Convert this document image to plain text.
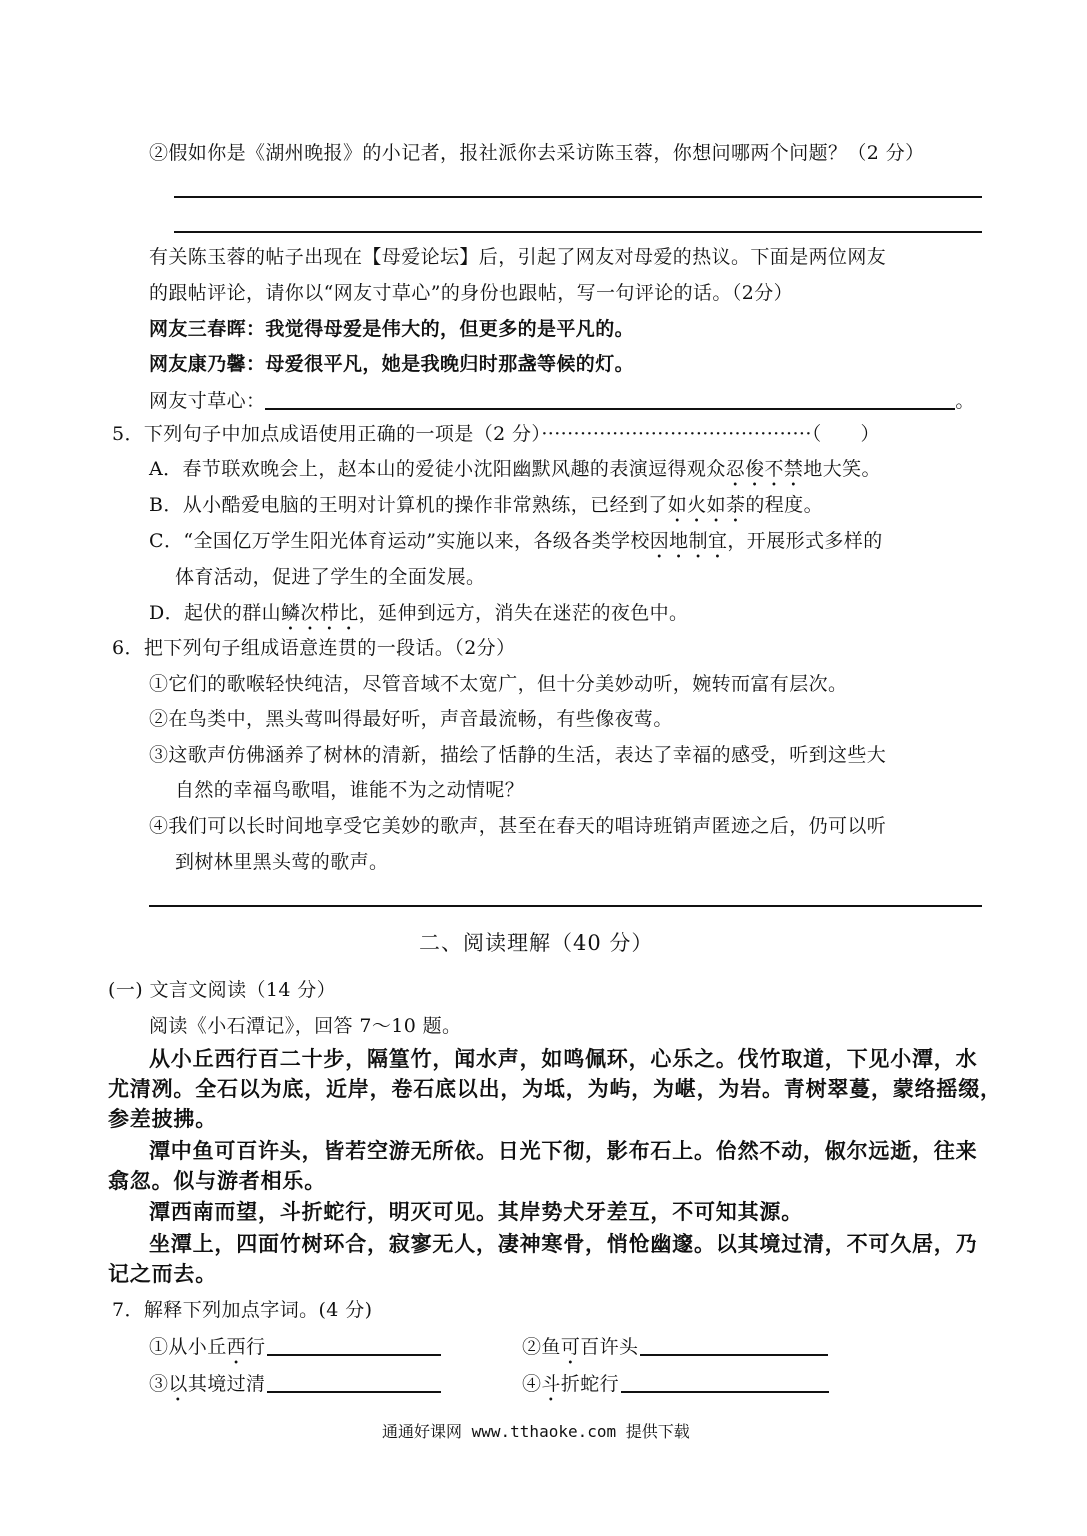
②假如你是《湖州晚报》的小记者，报社派你去采访陈玉蓉，你想问哪两个问题？（2 分）
有关陈玉蓉的帖子出现在【母爱论坛】后，引起了网友对母爱的热议。下面是两位网友
的跟帖评论，请你以“网友寸草心”的身份也跟帖，写一句评论的话。（2分）
网友三春晖：我觉得母爱是伟大的，但更多的是平凡的。
网友康乃馨：母爱很平凡，她是我晚归时那盏等候的灯。
网友寸草心：	。
5．下列句子中加点成语使用正确的一项是（2 分）··········································（　　）
A．春节联欢晚会上，赵本山的爱徒小沈阳幽默风趣的表演逗得观众忍俊不禁地大笑。
B．从小酷爱电脑的王明对计算机的操作非常熟练，已经到了如火如荼的程度。
C．“全国亿万学生阳光体育运动”实施以来，各级各类学校因地制宜，开展形式多样的
体育活动，促进了学生的全面发展。
D．起伏的群山鳞次栉比，延伸到远方，消失在迷茫的夜色中。
6．把下列句子组成语意连贯的一段话。（2分）
①它们的歌喉轻快纯洁，尽管音域不太宽广，但十分美妙动听，婉转而富有层次。
②在鸟类中，黑头莺叫得最好听，声音最流畅，有些像夜莺。
③这歌声仿佛涵养了树林的清新，描绘了恬静的生活，表达了幸福的感受，听到这些大
自然的幸福鸟歌唱，谁能不为之动情呢？
④我们可以长时间地享受它美妙的歌声，甚至在春天的唱诗班销声匿迹之后，仍可以听
到树林里黑头莺的歌声。
二、阅读理解（40 分）
(一) 文言文阅读（14 分）
阅读《小石潭记》，回答 7～10 题。
从小丘西行百二十步，隔篁竹，闻水声，如鸣佩环，心乐之。伐竹取道，下见小潭，水
尤清冽。全石以为底，近岸，卷石底以出，为坻，为屿，为嵁，为岩。青树翠蔓，蒙络摇缀，
参差披拂。
潭中鱼可百许头，皆若空游无所依。日光下彻，影布石上。佁然不动，俶尔远逝，往来
翕忽。似与游者相乐。
潭西南而望，斗折蛇行，明灭可见。其岸势犬牙差互，不可知其源。
坐潭上，四面竹树环合，寂寥无人，凄神寒骨，悄怆幽邃。以其境过清，不可久居，乃
记之而去。
7．解释下列加点字词。(4 分)
①从小丘西行	②鱼可百许头
③以其境过清	④斗折蛇行
通通好课网 www.tthaoke.com 提供下载
